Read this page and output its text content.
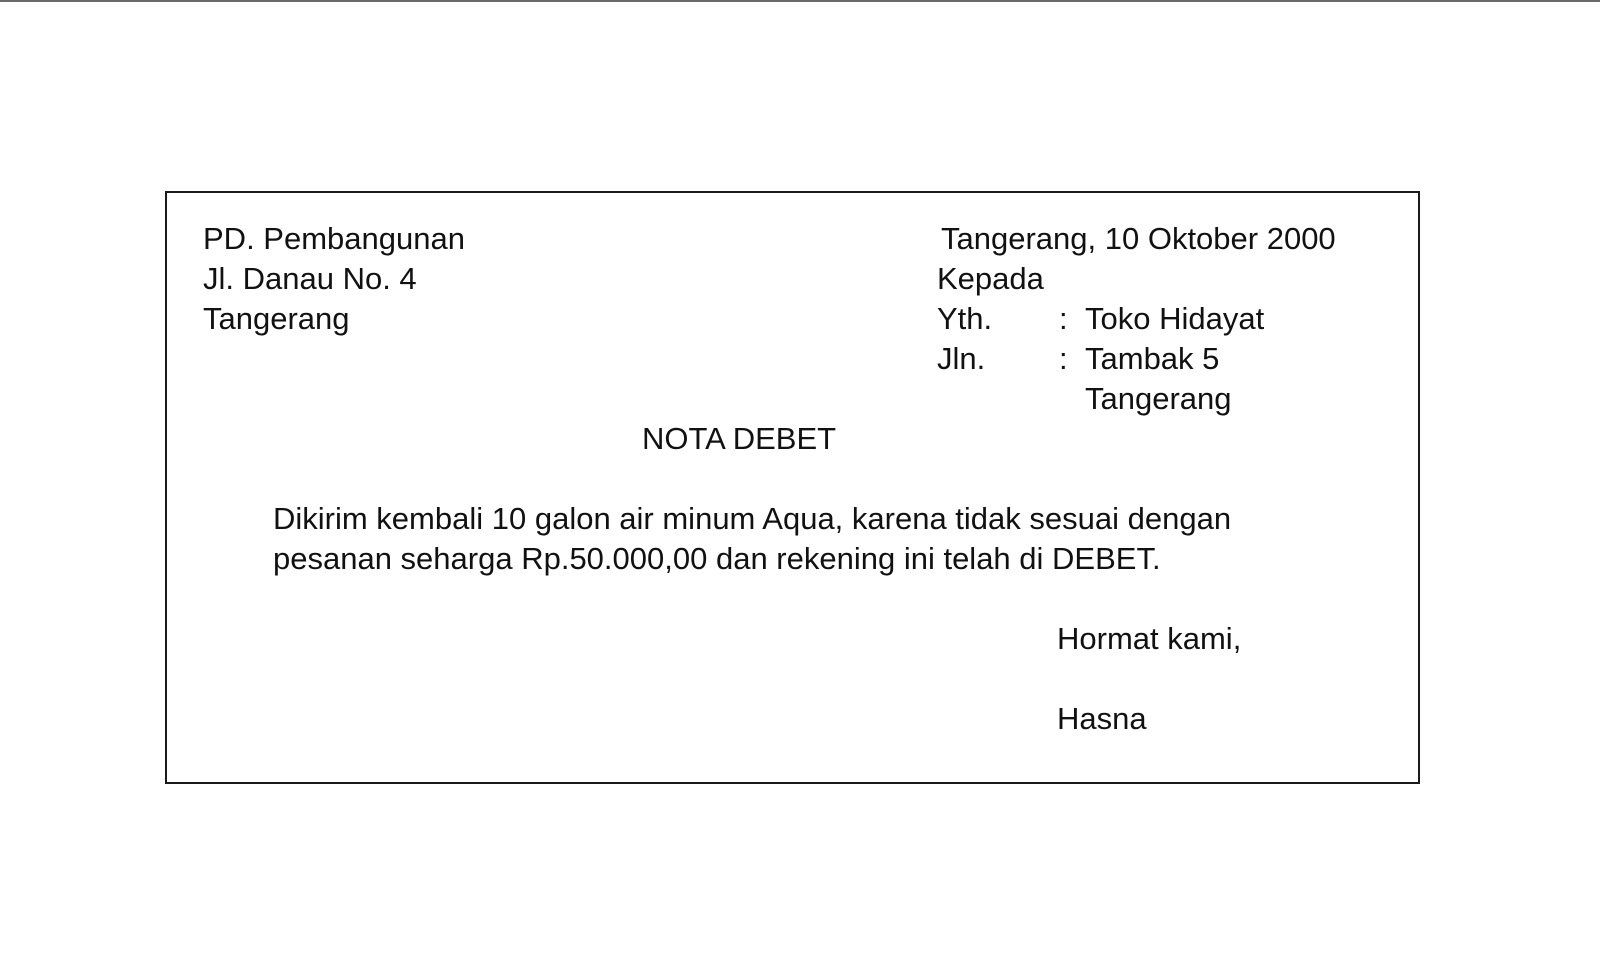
PD. Pembangunan
Jl. Danau No. 4
Tangerang
Tangerang, 10 Oktober 2000
Kepada
Yth. : Toko Hidayat
Jln. : Tambak 5
Tangerang
NOTA DEBET
Dikirim kembali 10 galon air minum Aqua, karena tidak sesuai dengan
pesanan seharga Rp.50.000,00 dan rekening ini telah di DEBET.
Hormat kami,
Hasna
